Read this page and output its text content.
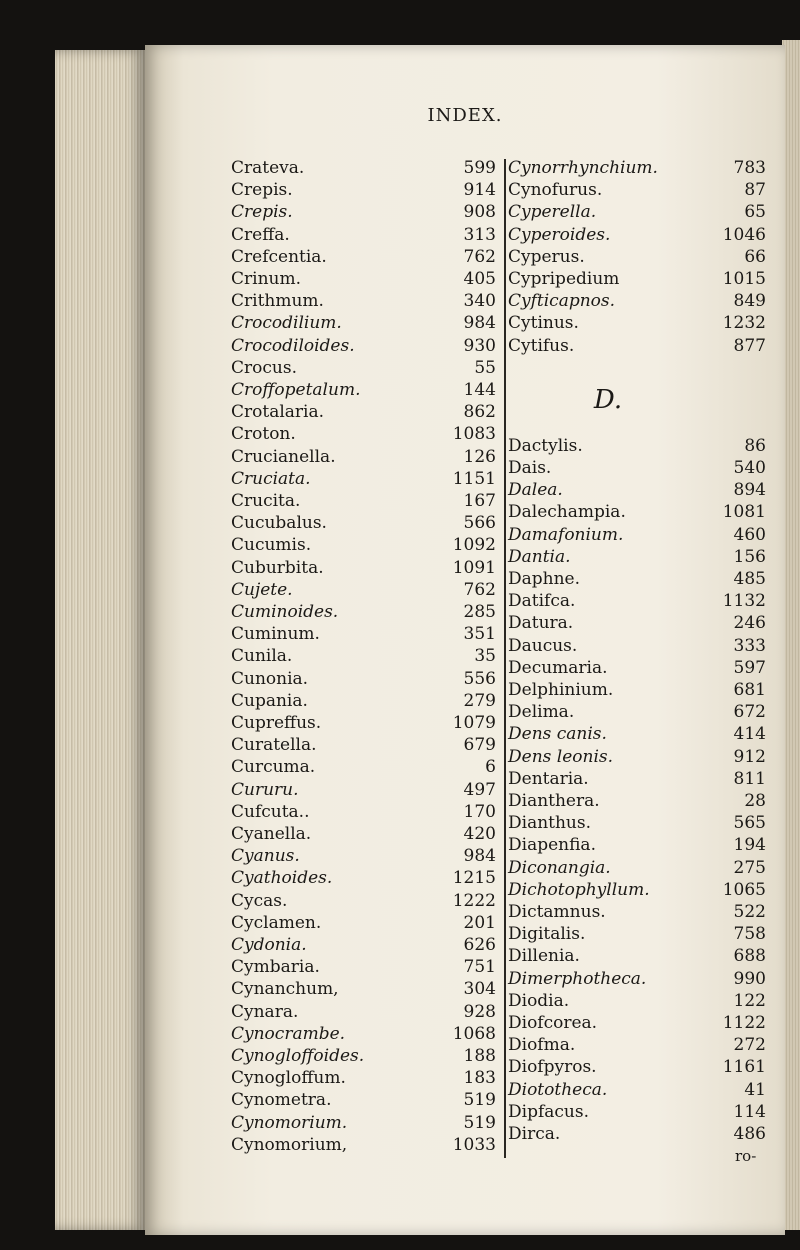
INDEX.
Crateva.	599
Crepis.	914
Crepis.	908
Creffa.	313
Crefcentia.	762
Crinum.	405
Crithmum.	340
Crocodilium.	984
Crocodiloides.	930
Crocus.	55
Croffopetalum.	144
Crotalaria.	862
Croton.	1083
Crucianella.	126
Cruciata.	1151
Crucita.	167
Cucubalus.	566
Cucumis.	1092
Cuburbita.	1091
Cujete.	762
Cuminoides.	285
Cuminum.	351
Cunila.	35
Cunonia.	556
Cupania.	279
Cupreffus.	1079
Curatella.	679
Curcuma.	6
Cururu.	497
Cufcuta..	170
Cyanella.	420
Cyanus.	984
Cyathoides.	1215
Cycas.	1222
Cyclamen.	201
Cydonia.	626
Cymbaria.	751
Cynanchum,	304
Cynara.	928
Cynocrambe.	1068
Cynogloffoides.	188
Cynogloffum.	183
Cynometra.	519
Cynomorium.	519
Cynomorium,	1033
Cynorrhynchium.	783
Cynofurus.	87
Cyperella.	65
Cyperoides.	1046
Cyperus.	66
Cypripedium	1015
Cyfticapnos.	849
Cytinus.	1232
Cytifus.	877
Dactylis.	86
Dais.	540
Dalea.	894
Dalechampia.	1081
Damafonium.	460
Dantia.	156
Daphne.	485
Datifca.	1132
Datura.	246
Daucus.	333
Decumaria.	597
Delphinium.	681
Delima.	672
Dens canis.	414
Dens leonis.	912
Dentaria.	811
Dianthera.	28
Dianthus.	565
Diapenfia.	194
Diconangia.	275
Dichotophyllum.	1065
Dictamnus.	522
Digitalis.	758
Dillenia.	688
Dimerphotheca.	990
Diodia.	122
Diofcorea.	1122
Diofma.	272
Diofpyros.	1161
Diototheca.	41
Dipfacus.	114
Dirca.	486
D.
ro-
